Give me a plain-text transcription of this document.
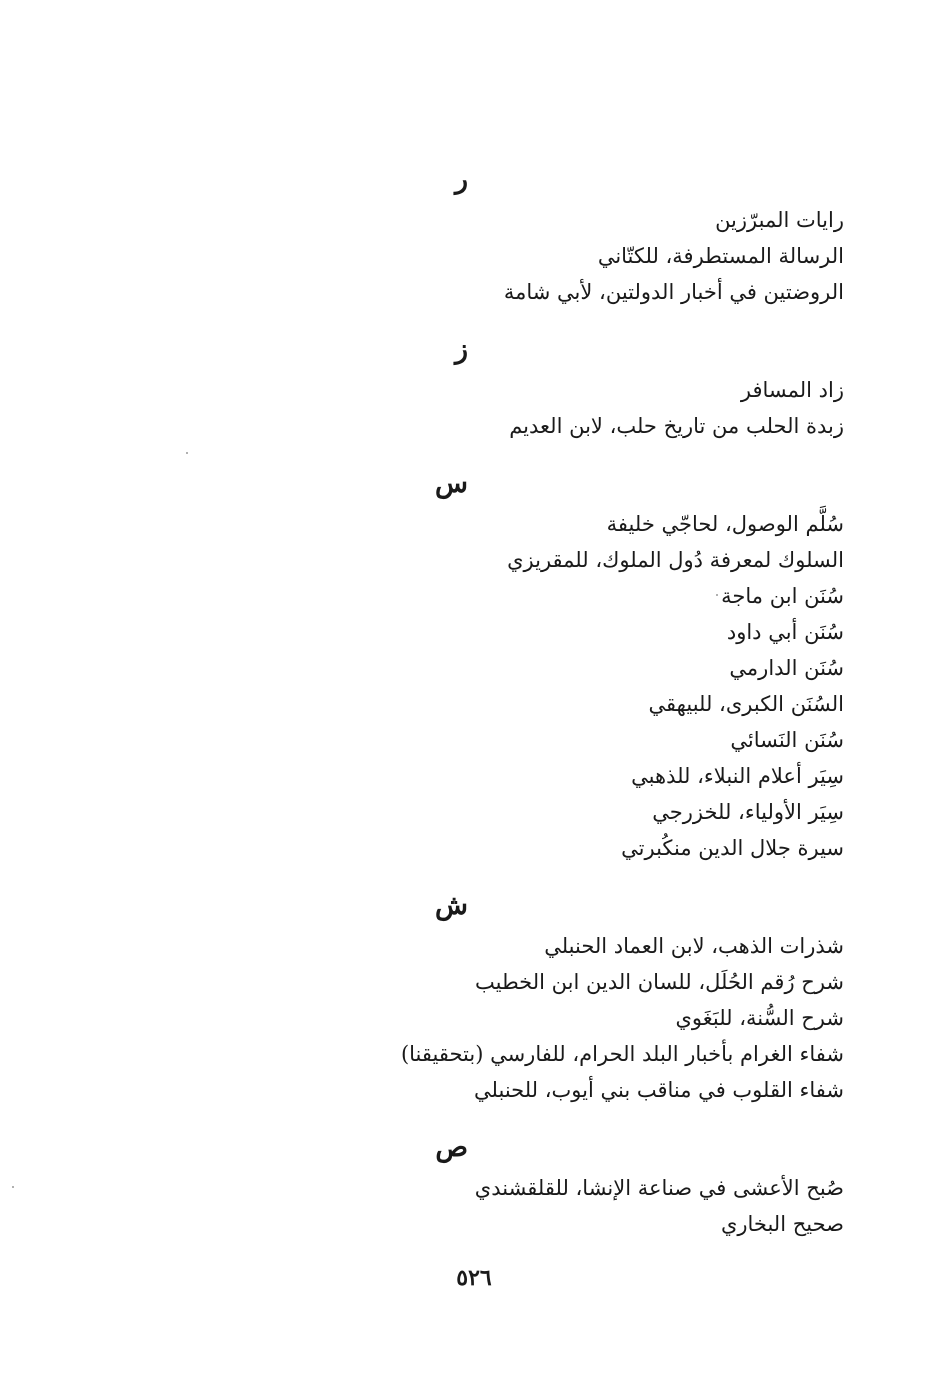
ر
رايات المبرّزين
الرسالة المستطرفة، للكتّاني
الروضتين في أخبار الدولتين، لأبي شامة
ز
زاد المسافر
زبدة الحلب من تاريخ حلب، لابن العديم
س
سُلَّم الوصول، لحاجّي خليفة
السلوك لمعرفة دُول الملوك، للمقريزي
سُنَن ابن ماجة
سُنَن أبي داود
سُنَن الدارمي
السُنَن الكبرى، للبيهقي
سُنَن النَسائي
سِيَر أعلام النبلاء، للذهبي
سِيَر الأولياء، للخزرجي
سيرة جلال الدين منكُبرتي
ش
شذرات الذهب، لابن العماد الحنبلي
شرح رُقم الحُلَل، للسان الدين ابن الخطيب
شرح السُّنة، للبَغَوي
شفاء الغرام بأخبار البلد الحرام، للفارسي (بتحقيقنا)
شفاء القلوب في مناقب بني أيوب، للحنبلي
ص
صُبح الأعشى في صناعة الإنشا، للقلقشندي
صحيح البخاري
٥٢٦
